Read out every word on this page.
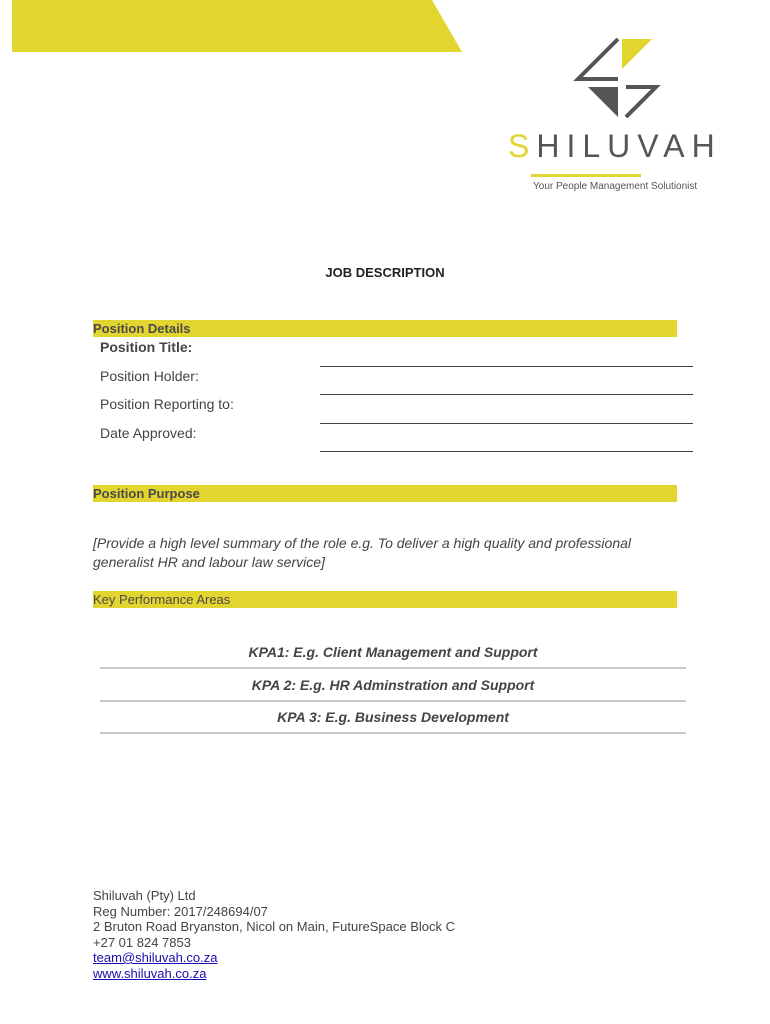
SHILUVAH
Your People Management Solutionist
JOB DESCRIPTION
Position Details
Position Title:
Position Holder:
Position Reporting to:
Date Approved:
Position Purpose
[Provide a high level summary of the role e.g. To deliver a high quality and professional generalist HR and labour law service]
Key Performance Areas
KPA1: E.g. Client Management and Support
KPA 2: E.g. HR Adminstration and Support
KPA 3: E.g. Business Development
Shiluvah (Pty) Ltd
Reg Number: 2017/248694/07
2 Bruton Road Bryanston, Nicol on Main, FutureSpace Block C
+27 01 824 7853
team@shiluvah.co.za
www.shiluvah.co.za
